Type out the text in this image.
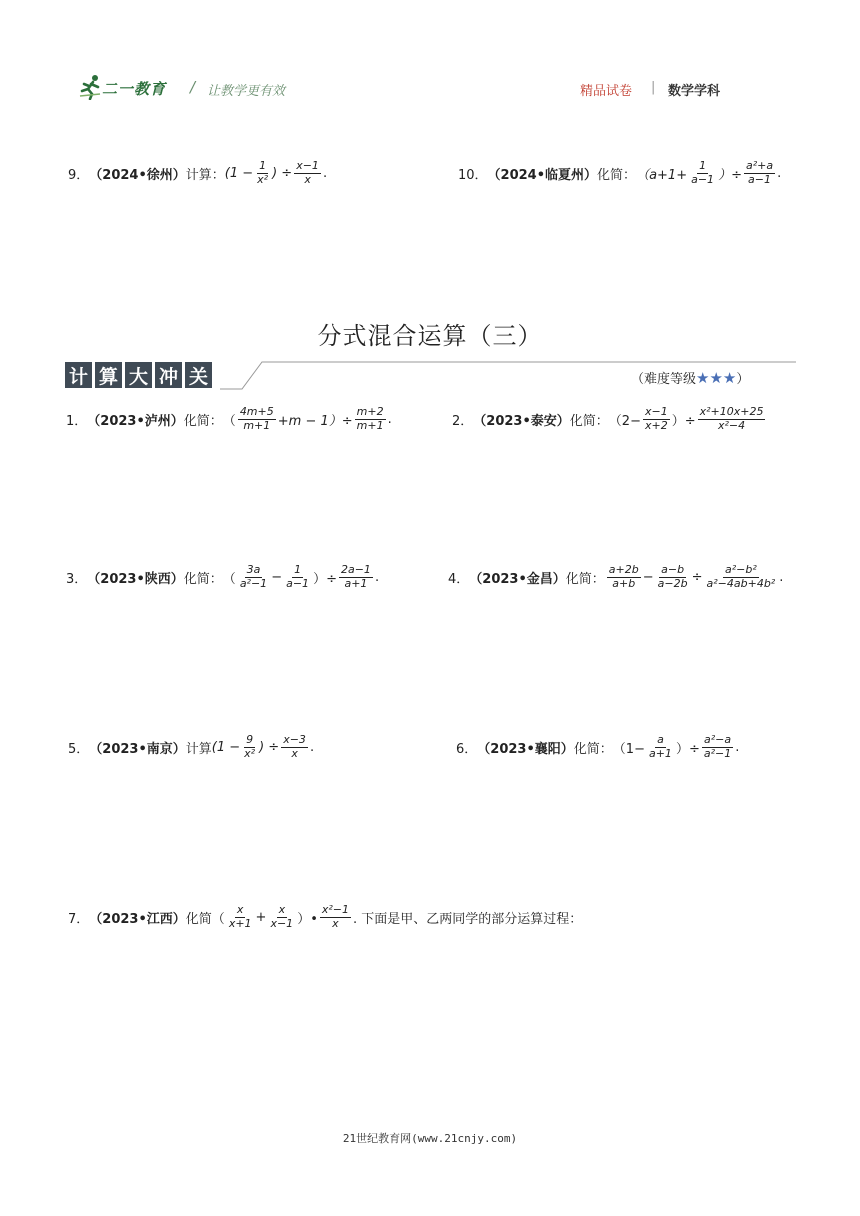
二一教育 / 让教学更有效	精品试卷 | 数学学科
9． （2024•徐州） 计算： ($1 - \frac{1}{\text{x²}}$ ) ÷ $\frac{x-1}{x}$ .	10． （2024•临夏州） 化简： （$a+1+ \frac{1}{a-1}$ ）÷ $\frac{\text{a²+a}}{a-1}$ .
分式混合运算（三）
计 算 大 冲 关	（难度等级★★★）
1． （2023•泸州） 化简： （ $\frac{4m+5}{m+1} +m - 1)\div \frac{m+2}{m+1}$ .	2． （2023•泰安） 化简： （$2- \frac{x-1}{x+2}$ ）÷ $\frac{\text{x²+10x+25}}{\text{x²−4}}$
3． （2023•陕西） 化简： （ $\frac{3a}{\text{a²−1}} - \frac{1}{a-1}$ ）÷ $\frac{2a-1}{a+1}$ .	4． （2023•金昌） 化简： $\frac{a+2b}{a+b} - \frac{a-b}{a-2b} \div \frac{\text{a²−b²}}{\text{a²−4ab+4b²}}$ .
5． （2023•南京） 计算 ($1 - \frac{9}{\text{x²}}$ ) ÷ $\frac{x-3}{x}$ .	6． （2023•襄阳） 化简： （$1- \frac{a}{a+1}$ ）÷ $\frac{\text{a²−a}}{\text{a²−1}}$ .
7． （2023•江西） 化简 （ $\frac{x}{x+1} + \frac{x}{x-1}$ ）• $\frac{\text{x²−1}}{x}$ . 下面是甲、乙两同学的部分运算过程：
21世纪教育网(www.21cnjy.com)
